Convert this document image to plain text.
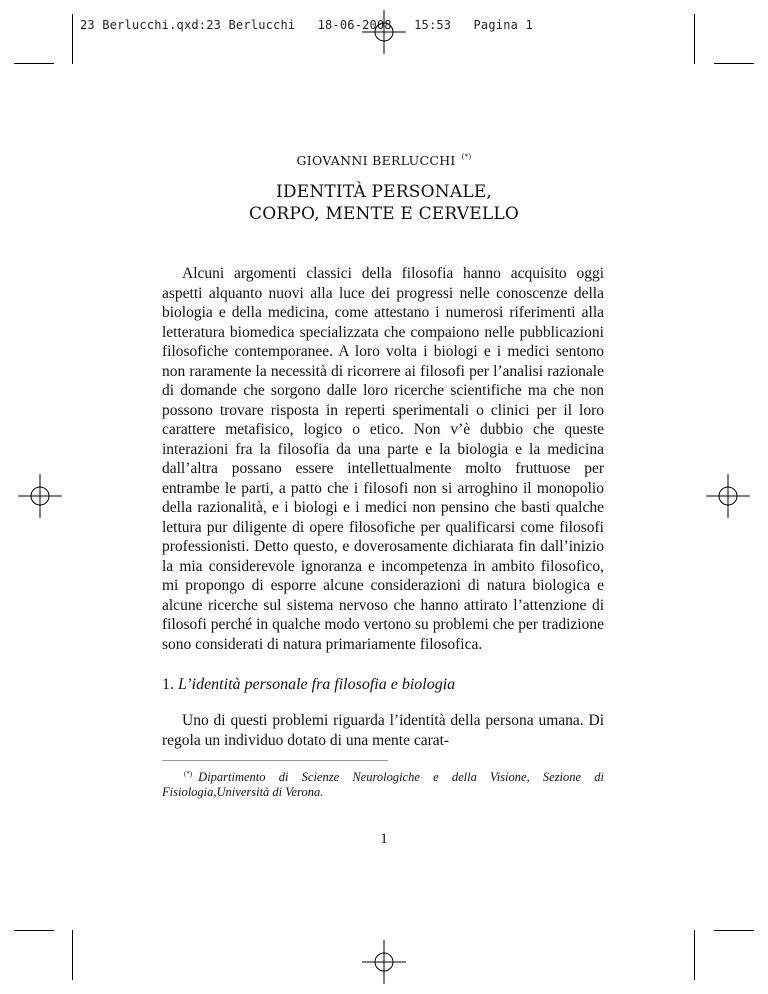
23 Berlucchi.qxd:23 Berlucchi   18-06-2008   15:53   Pagina 1
GIOVANNI BERLUCCHI (*)
IDENTITÀ PERSONALE,
CORPO, MENTE E CERVELLO

Alcuni argomenti classici della filosofia hanno acquisito oggi aspetti alquanto nuovi alla luce dei progressi nelle conoscenze della biologia e della medicina, come attestano i numerosi riferimenti alla letteratura biomedica specializzata che compaiono nelle pubblicazioni filosofiche contemporanee. A loro volta i biologi e i medici sentono non raramente la necessità di ricorrere ai filosofi per l’analisi razionale di domande che sorgono dalle loro ricerche scientifiche ma che non possono trovare risposta in reperti sperimentali o clinici per il loro carattere metafisico, logico o etico. Non v’è dubbio che queste interazioni fra la filosofia da una parte e la biologia e la medicina dall’altra possano essere intellettualmente molto fruttuose per entrambe le parti, a patto che i filosofi non si arroghino il monopolio della razionalità, e i biologi e i medici non pensino che basti qualche lettura pur diligente di opere filosofiche per qualificarsi come filosofi professionisti. Detto questo, e doverosamente dichiarata fin dall’inizio la mia considerevole ignoranza e incompetenza in ambito filosofico, mi propongo di esporre alcune considerazioni di natura biologica e alcune ricerche sul sistema nervoso che hanno attirato l’attenzione di filosofi perché in qualche modo vertono su problemi che per tradizione sono considerati di natura primariamente filosofica.

1. L’identità personale fra filosofia e biologia

Uno di questi problemi riguarda l’identità della persona umana. Di regola un individuo dotato di una mente carat-

(*) Dipartimento di Scienze Neurologiche e della Visione, Sezione di Fisiologia,Università di Verona.
1
